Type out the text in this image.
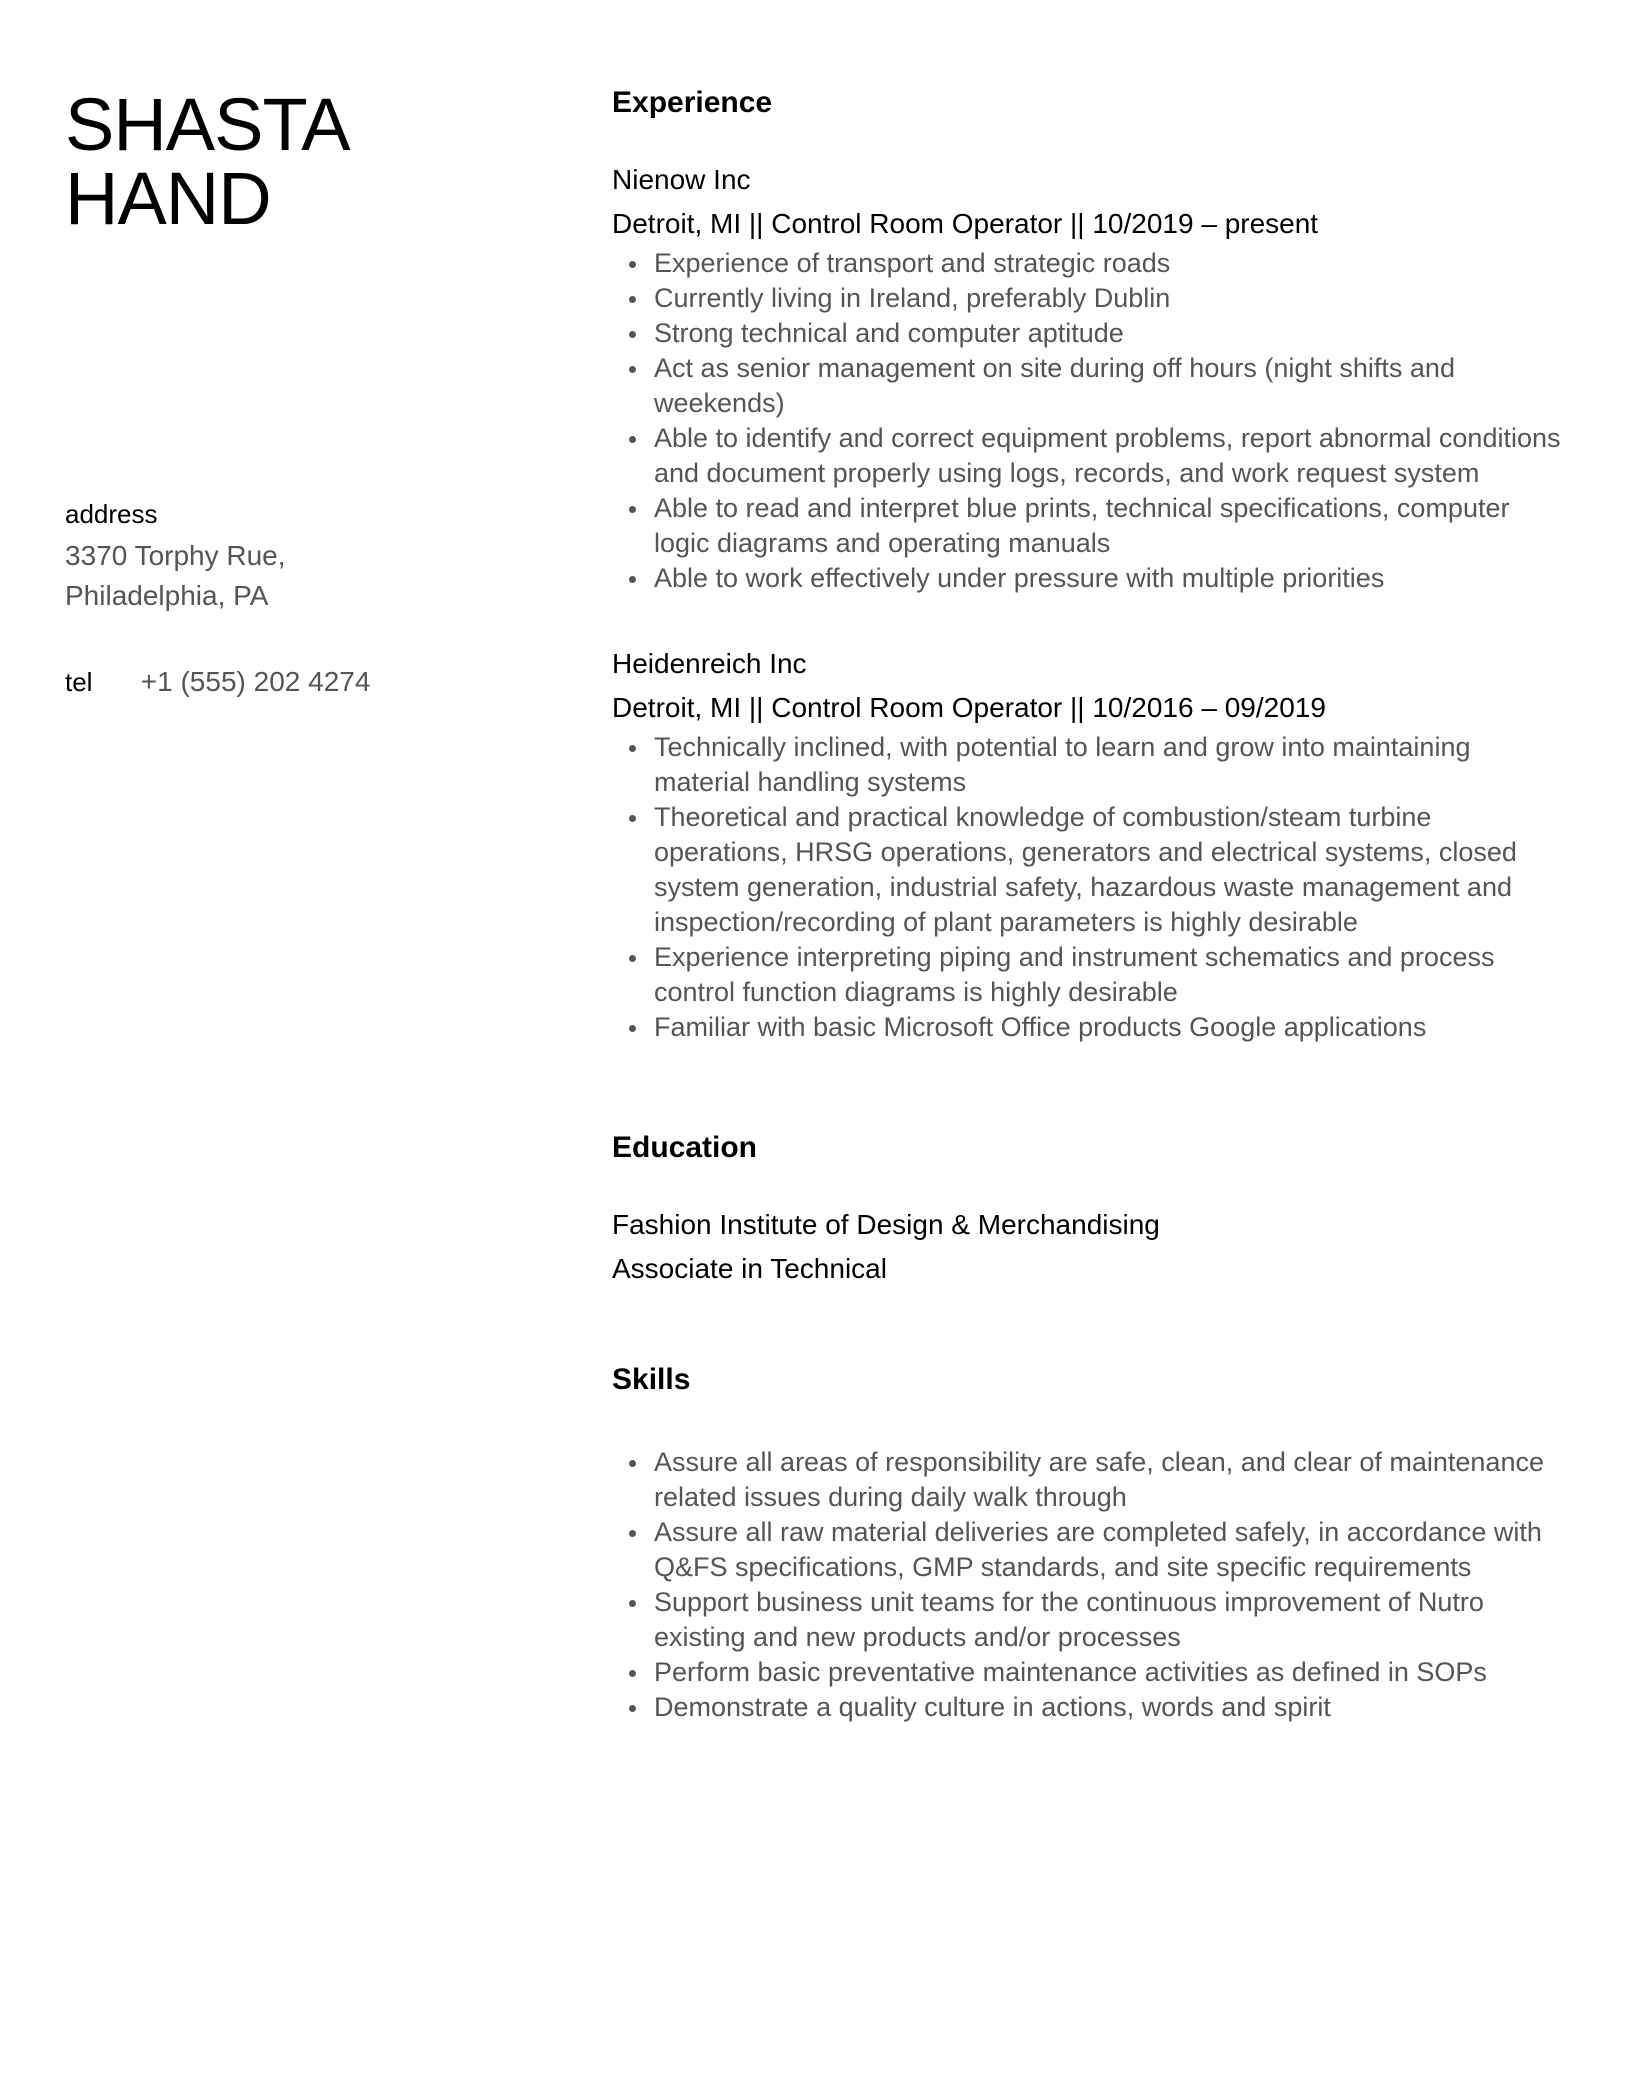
SHASTA
HAND
address
3370 Torphy Rue,
Philadelphia, PA
tel +1 (555) 202 4274
Experience

Nienow Inc

Detroit, MI || Control Room Operator || 10/2019 – present

Experience of transport and strategic roads
Currently living in Ireland, preferably Dublin
Strong technical and computer aptitude
Act as senior management on site during off hours (night shifts and weekends)
Able to identify and correct equipment problems, report abnormal conditions and document properly using logs, records, and work request system
Able to read and interpret blue prints, technical specifications, computer logic diagrams and operating manuals
Able to work effectively under pressure with multiple priorities

Heidenreich Inc

Detroit, MI || Control Room Operator || 10/2016 – 09/2019

Technically inclined, with potential to learn and grow into maintaining material handling systems
Theoretical and practical knowledge of combustion/steam turbine operations, HRSG operations, generators and electrical systems, closed system generation, industrial safety, hazardous waste management and inspection/recording of plant parameters is highly desirable
Experience interpreting piping and instrument schematics and process control function diagrams is highly desirable
Familiar with basic Microsoft Office products Google applications
Education

Fashion Institute of Design & Merchandising

Associate in Technical

Skills
Assure all areas of responsibility are safe, clean, and clear of maintenance related issues during daily walk through
Assure all raw material deliveries are completed safely, in accordance with Q&FS specifications, GMP standards, and site specific requirements
Support business unit teams for the continuous improvement of Nutro existing and new products and/or processes
Perform basic preventative maintenance activities as defined in SOPs
Demonstrate a quality culture in actions, words and spirit
